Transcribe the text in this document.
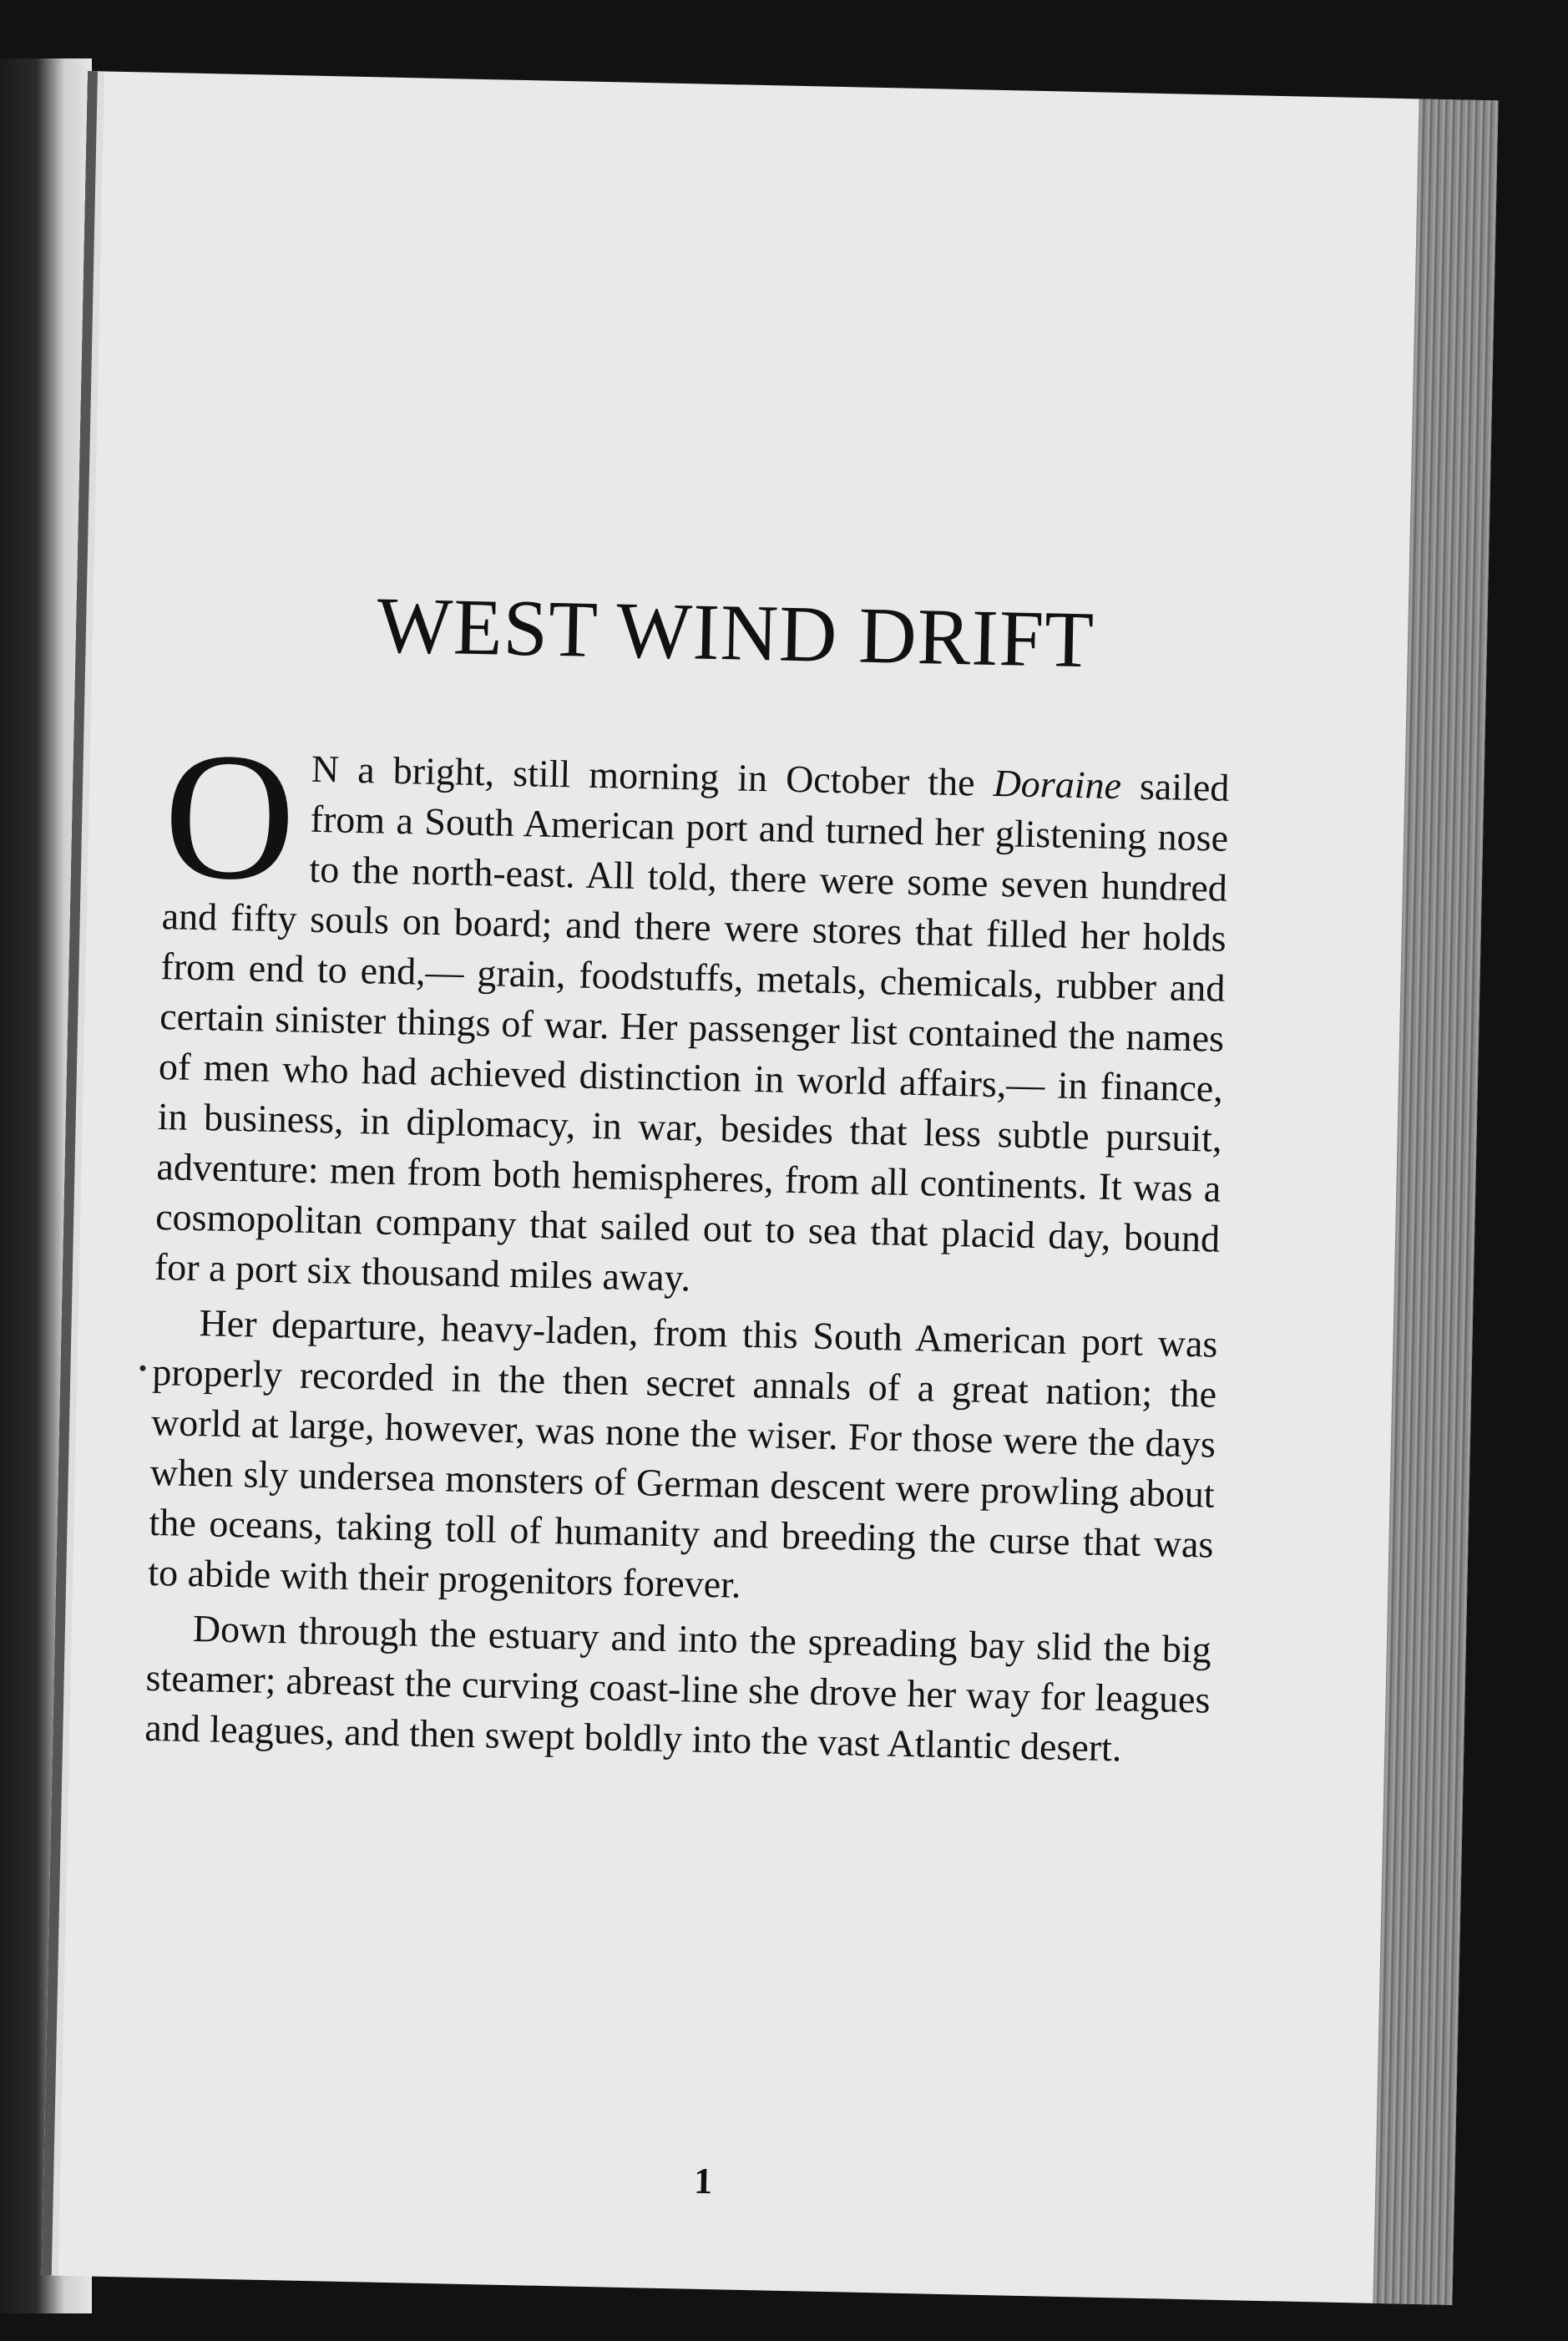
WEST WIND DRIFT

O N a bright, still morning in October the Doraine sailed from a South American port and turned her glistening nose to the north-east. All told, there were some seven hundred and fifty souls on board; and there were stores that filled her holds from end to end,— grain, foodstuffs, metals, chemicals, rubber and certain sinister things of war. Her passenger list contained the names of men who had achieved distinction in world affairs,— in finance, in business, in diplomacy, in war, besides that less subtle pursuit, adventure: men from both hemispheres, from all continents. It was a cosmopolitan company that sailed out to sea that placid day, bound for a port six thousand miles away.

Her departure, heavy-laden, from this South American port was properly recorded in the then secret annals of a great nation; the world at large, however, was none the wiser. For those were the days when sly undersea monsters of German descent were prowling about the oceans, taking toll of humanity and breeding the curse that was to abide with their progenitors forever.

Down through the estuary and into the spreading bay slid the big steamer; abreast the curving coast-line she drove her way for leagues and leagues, and then swept boldly into the vast Atlantic desert.

1
